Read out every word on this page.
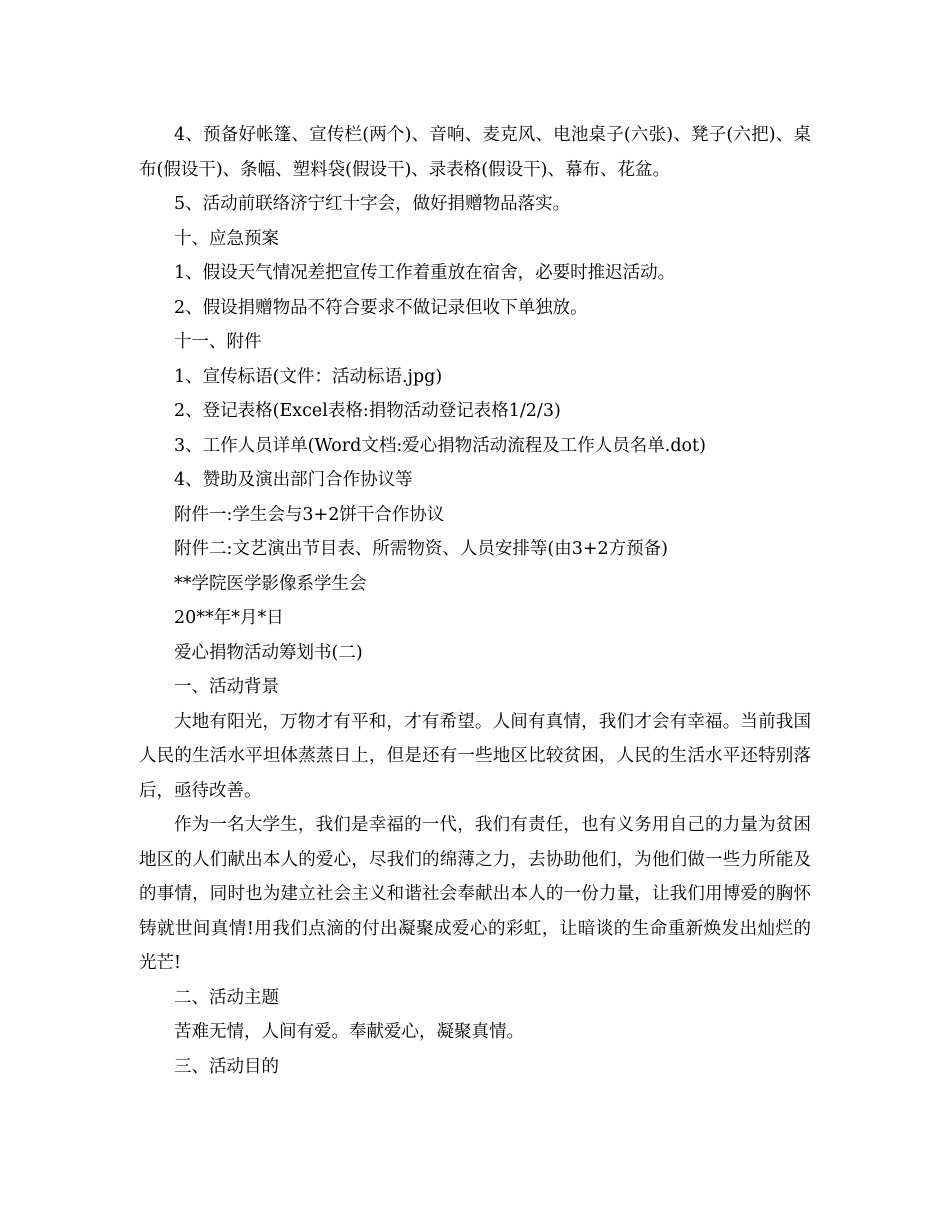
4、预备好帐篷、宣传栏(两个)、音响、麦克风、电池桌子(六张)、凳子(六把)、桌布(假设干)、条幅、塑料袋(假设干)、录表格(假设干)、幕布、花盆。

5、活动前联络济宁红十字会，做好捐赠物品落实。

十、应急预案

1、假设天气情况差把宣传工作着重放在宿舍，必要时推迟活动。

2、假设捐赠物品不符合要求不做记录但收下单独放。

十一、附件

1、宣传标语(文件：活动标语.jpg)

2、登记表格(Excel表格:捐物活动登记表格1/2/3)

3、工作人员详单(Word文档:爱心捐物活动流程及工作人员名单.dot)

4、赞助及演出部门合作协议等

附件一:学生会与3+2饼干合作协议

附件二:文艺演出节目表、所需物资、人员安排等(由3+2方预备)

**学院医学影像系学生会

20**年*月*日

爱心捐物活动筹划书(二)

一、活动背景

大地有阳光，万物才有平和，才有希望。人间有真情，我们才会有幸福。当前我国人民的生活水平坦体蒸蒸日上，但是还有一些地区比较贫困，人民的生活水平还特别落后，亟待改善。

作为一名大学生，我们是幸福的一代，我们有责任，也有义务用自己的力量为贫困地区的人们献出本人的爱心，尽我们的绵薄之力，去协助他们，为他们做一些力所能及的事情，同时也为建立社会主义和谐社会奉献出本人的一份力量，让我们用博爱的胸怀铸就世间真情!用我们点滴的付出凝聚成爱心的彩虹，让暗谈的生命重新焕发出灿烂的光芒!

二、活动主题

苦难无情，人间有爱。奉献爱心，凝聚真情。

三、活动目的
